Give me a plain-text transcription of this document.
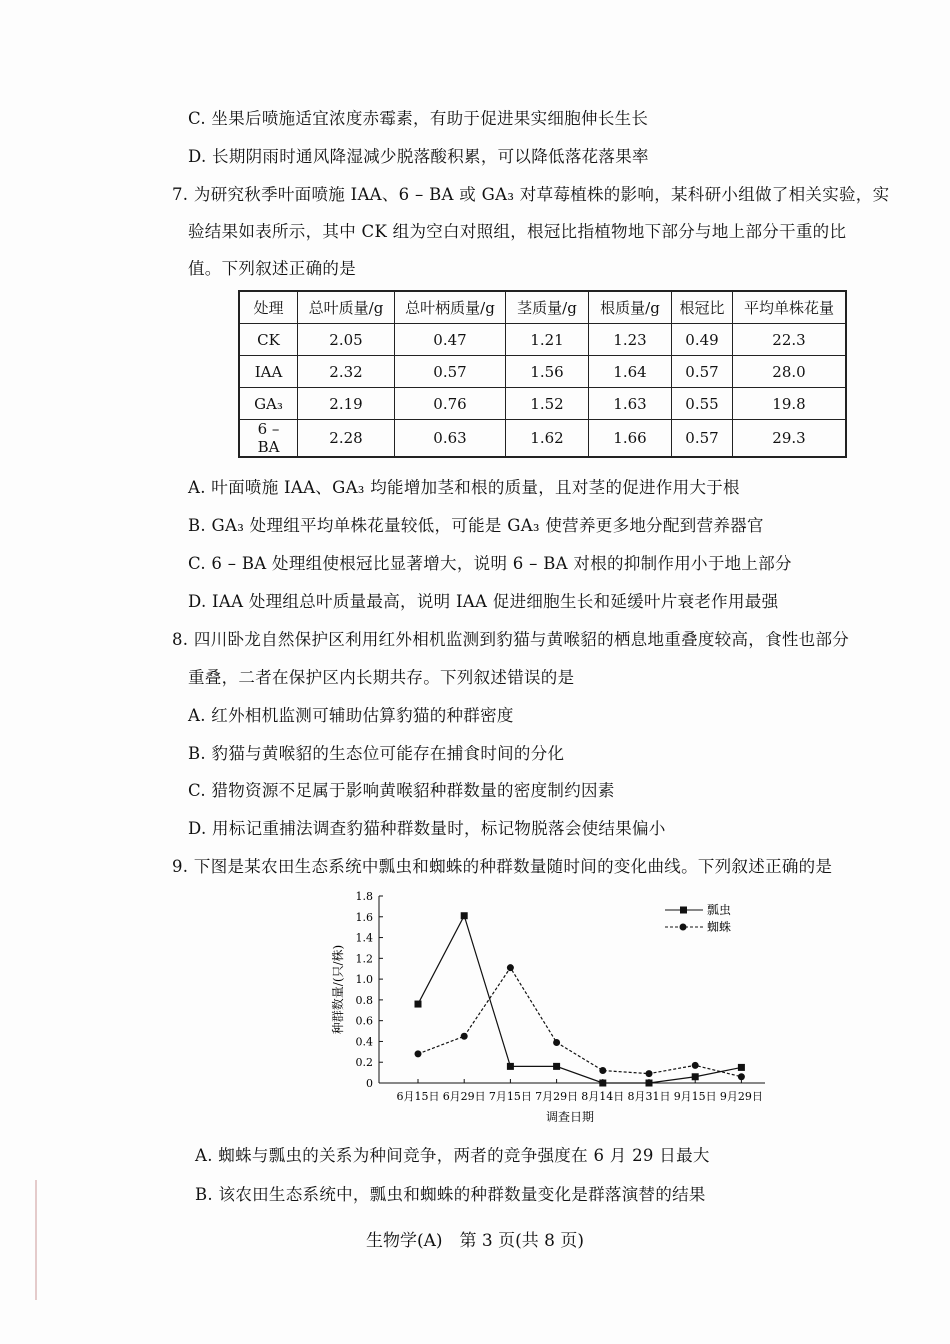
C. 坐果后喷施适宜浓度赤霉素，有助于促进果实细胞伸长生长
D. 长期阴雨时通风降湿减少脱落酸积累，可以降低落花落果率
7. 为研究秋季叶面喷施 IAA、6 – BA 或 GA₃ 对草莓植株的影响，某科研小组做了相关实验，实
验结果如表所示，其中 CK 组为空白对照组，根冠比指植物地下部分与地上部分干重的比
值。下列叙述正确的是
处理	总叶质量/g	总叶柄质量/g	茎质量/g	根质量/g	根冠比	平均单株花量
CK	2.05	0.47	1.21	1.23	0.49	22.3
IAA	2.32	0.57	1.56	1.64	0.57	28.0
GA₃	2.19	0.76	1.52	1.63	0.55	19.8
6 – BA	2.28	0.63	1.62	1.66	0.57	29.3
A. 叶面喷施 IAA、GA₃ 均能增加茎和根的质量，且对茎的促进作用大于根
B. GA₃ 处理组平均单株花量较低，可能是 GA₃ 使营养更多地分配到营养器官
C. 6 – BA 处理组使根冠比显著增大，说明 6 – BA 对根的抑制作用小于地上部分
D. IAA 处理组总叶质量最高，说明 IAA 促进细胞生长和延缓叶片衰老作用最强
8. 四川卧龙自然保护区利用红外相机监测到豹猫与黄喉貂的栖息地重叠度较高，食性也部分
重叠，二者在保护区内长期共存。下列叙述错误的是
A. 红外相机监测可辅助估算豹猫的种群密度
B. 豹猫与黄喉貂的生态位可能存在捕食时间的分化
C. 猎物资源不足属于影响黄喉貂种群数量的密度制约因素
D. 用标记重捕法调查豹猫种群数量时，标记物脱落会使结果偏小
9. 下图是某农田生态系统中瓢虫和蜘蛛的种群数量随时间的变化曲线。下列叙述正确的是
0
0.2
0.4
0.6
0.8
1.0
1.2
1.4
1.6
1.8
6月15日 6月29日 7月15日 7月29日 8月14日 8月31日 9月15日 9月29日
调查日期
种群数量/(只/株)
瓢虫
蜘蛛
A. 蜘蛛与瓢虫的关系为种间竞争，两者的竞争强度在 6 月 29 日最大
B. 该农田生态系统中，瓢虫和蜘蛛的种群数量变化是群落演替的结果
生物学(A)　第 3 页(共 8 页)
